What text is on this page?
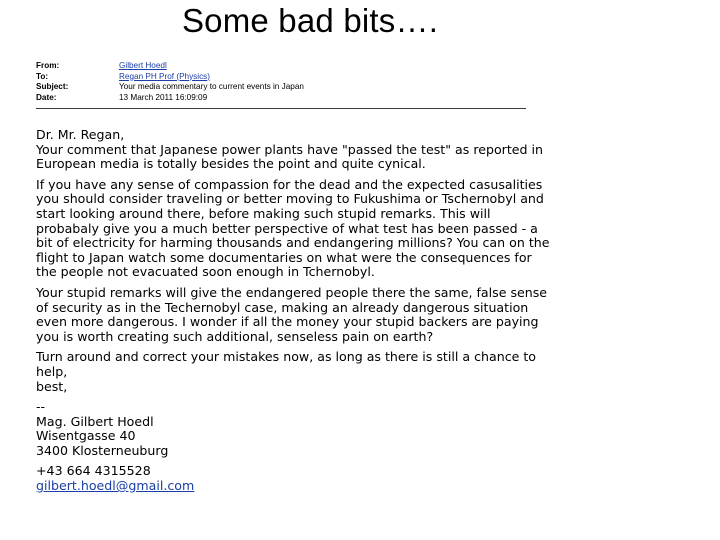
Some bad bits….
From:	Gilbert Hoedl
To:	Regan PH Prof (Physics)
Subject:	Your media commentary to current events in Japan
Date:	13 March 2011 16:09:09

Dr. Mr. Regan,
Your comment that Japanese power plants have "passed the test" as reported in
European media is totally besides the point and quite cynical.

If you have any sense of compassion for the dead and the expected casusalities
you should consider traveling or better moving to Fukushima or Tschernobyl and
start looking around there, before making such stupid remarks. This will
probabaly give you a much better perspective of what test has been passed - a
bit of electricity for harming thousands and endangering millions? You can on the
flight to Japan watch some documentaries on what were the consequences for
the people not evacuated soon enough in Tchernobyl.

Your stupid remarks will give the endangered people there the same, false sense
of security as in the Techernobyl case, making an already dangerous situation
even more dangerous. I wonder if all the money your stupid backers are paying
you is worth creating such additional, senseless pain on earth?

Turn around and correct your mistakes now, as long as there is still a chance to
help,
best,

--
Mag. Gilbert Hoedl
Wisentgasse 40
3400 Klosterneuburg

+43 664 4315528
gilbert.hoedl@gmail.com
